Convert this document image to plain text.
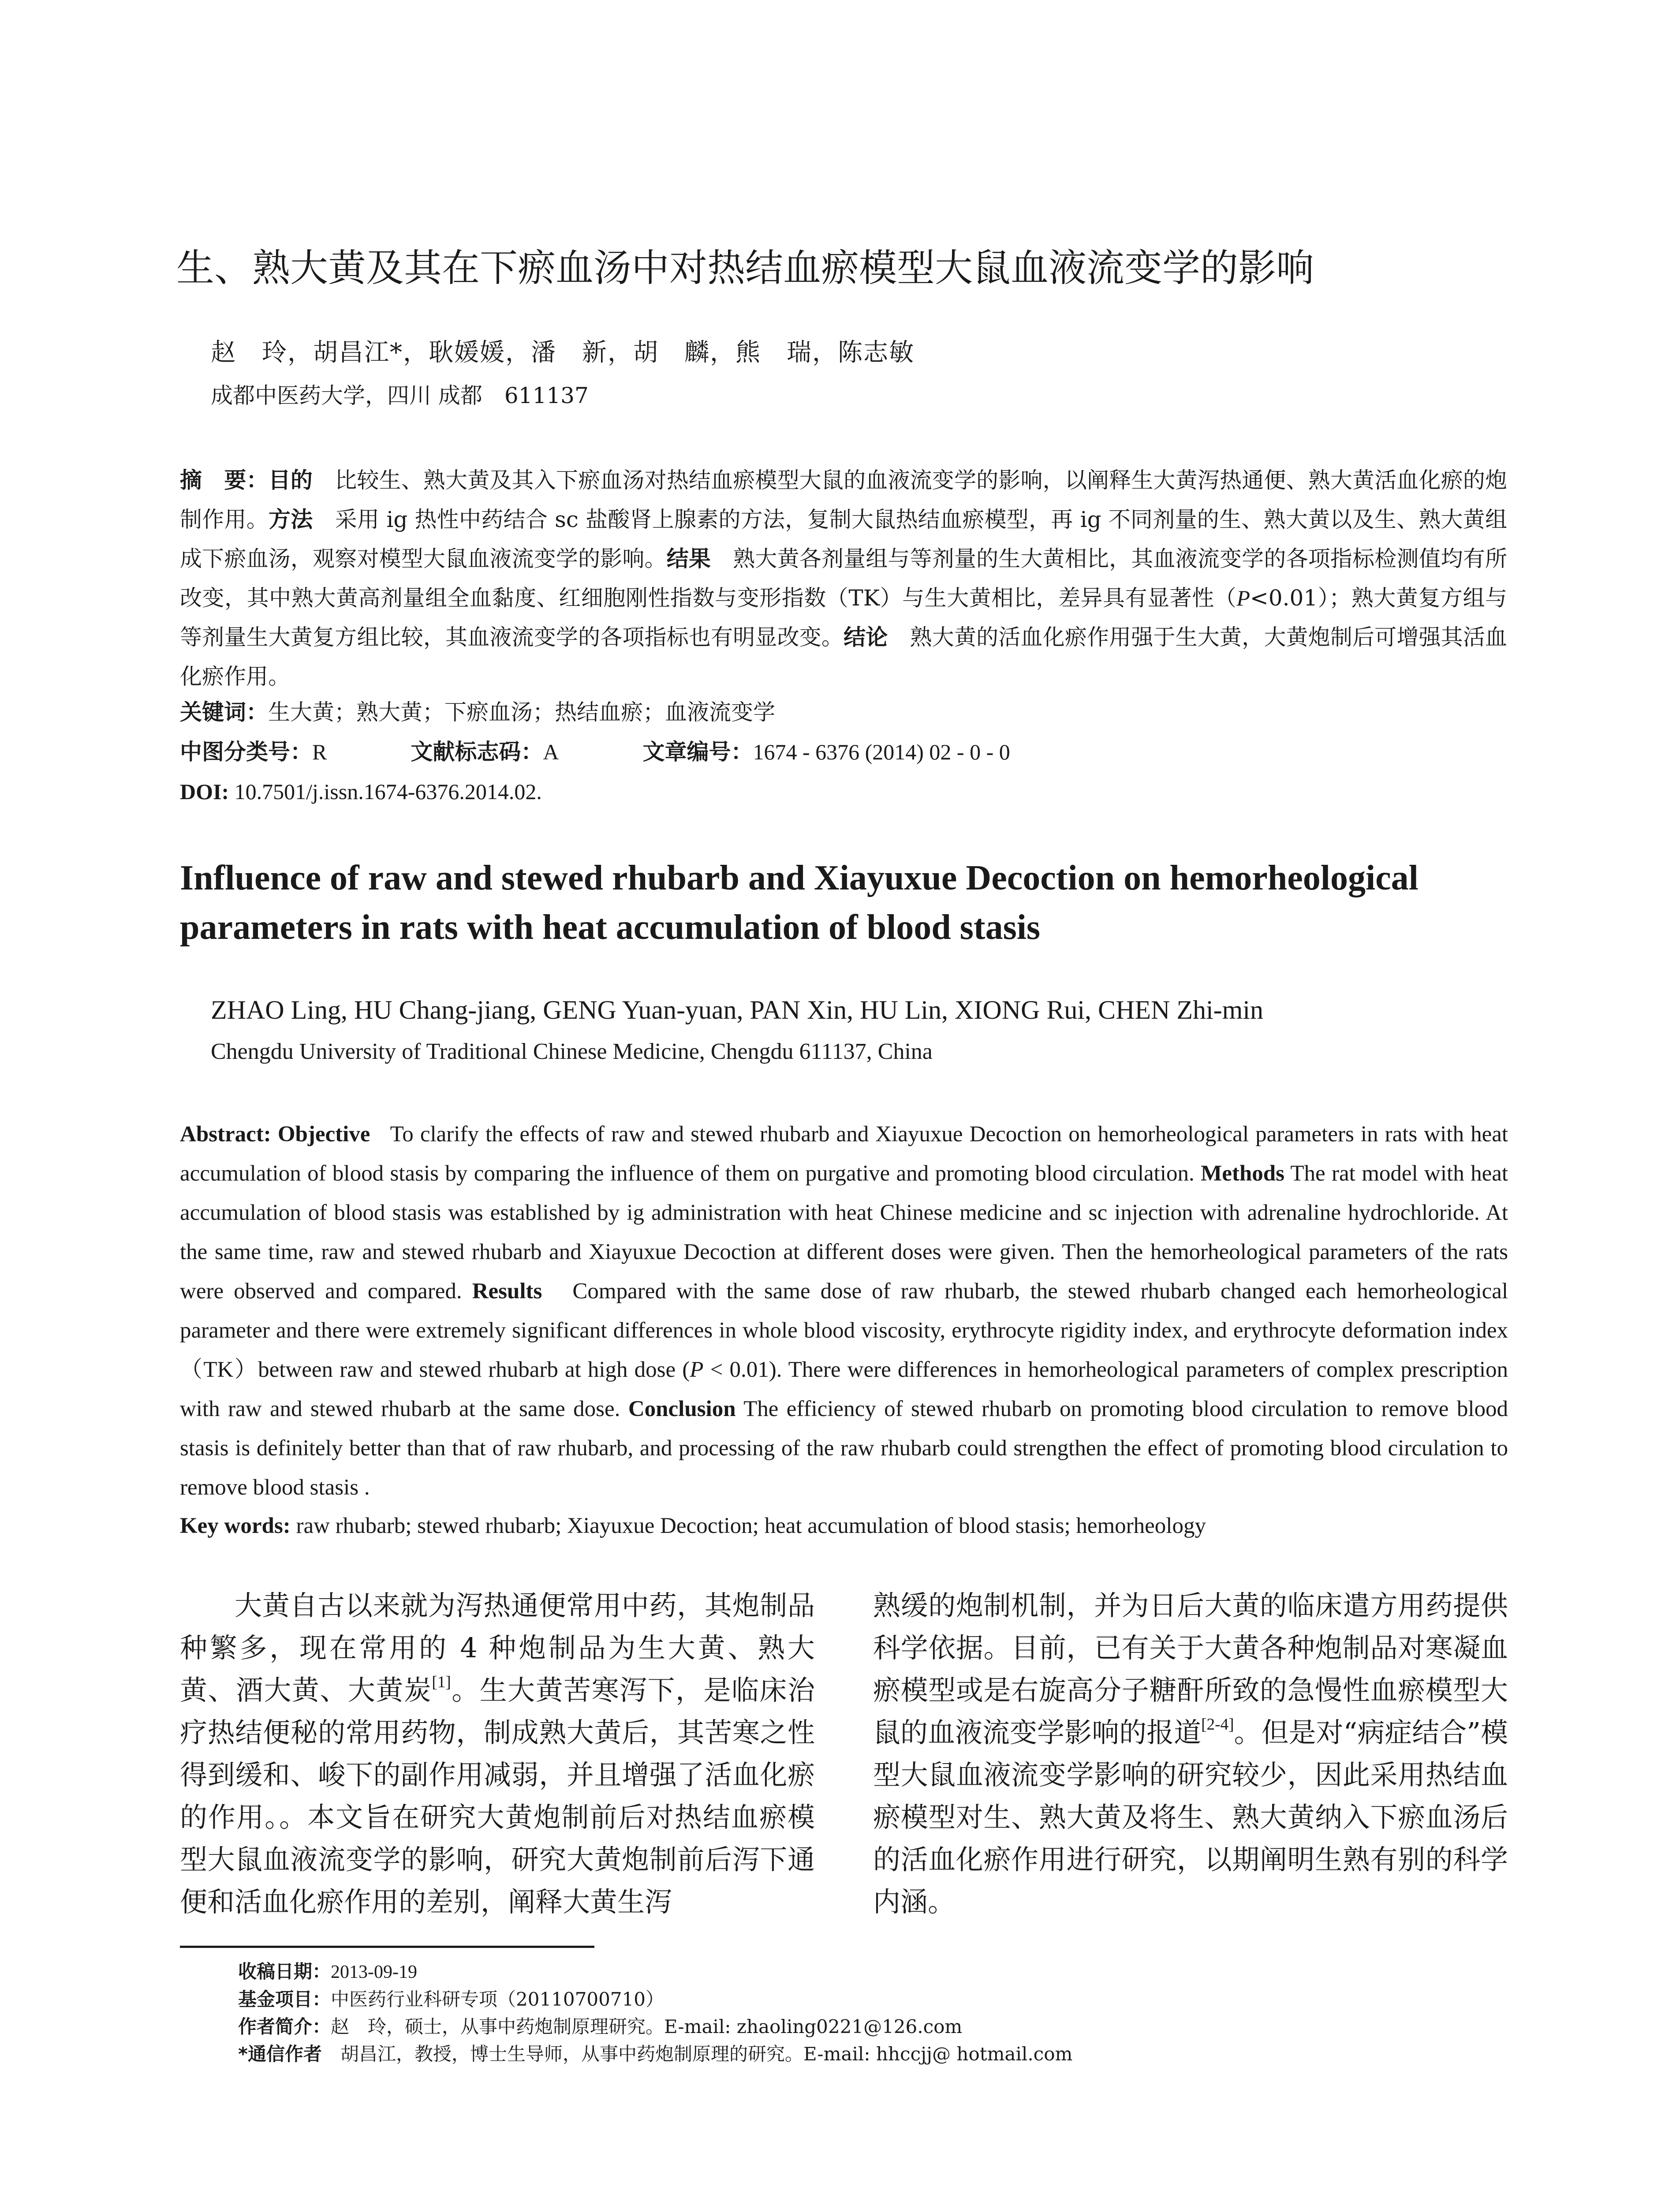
生、熟大黄及其在下瘀血汤中对热结血瘀模型大鼠血液流变学的影响
赵　玲，胡昌江*，耿媛媛，潘　新，胡　麟，熊　瑞，陈志敏
成都中医药大学，四川 成都　611137
摘　要：目的　 比较生、熟大黄及其入下瘀血汤对热结血瘀模型大鼠的血液流变学的影响，以阐释生大黄泻热通便、熟大黄活血化瘀的炮制作用。方法　 采用 ig 热性中药结合 sc 盐酸肾上腺素的方法，复制大鼠热结血瘀模型，再 ig 不同剂量的生、熟大黄以及生、熟大黄组成下瘀血汤，观察对模型大鼠血液流变学的影响。结果　 熟大黄各剂量组与等剂量的生大黄相比，其血液流变学的各项指标检测值均有所改变，其中熟大黄高剂量组全血黏度、红细胞刚性指数与变形指数（TK）与生大黄相比，差异具有显著性（P<0.01）；熟大黄复方组与等剂量生大黄复方组比较，其血液流变学的各项指标也有明显改变。结论　 熟大黄的活血化瘀作用强于生大黄，大黄炮制后可增强其活血化瘀作用。
关键词：生大黄；熟大黄；下瘀血汤；热结血瘀；血液流变学
中图分类号：R	文献标志码：A	文章编号：1674 - 6376 (2014) 02 - 0 - 0
DOI: 10.7501/j.issn.1674-6376.2014.02.
Influence of raw and stewed rhubarb and Xiayuxue Decoction on hemorheological parameters in rats with heat accumulation of blood stasis
ZHAO Ling, HU Chang-jiang, GENG Yuan-yuan, PAN Xin, HU Lin, XIONG Rui, CHEN Zhi-min
Chengdu University of Traditional Chinese Medicine, Chengdu 611137, China
Abstract: Objective To clarify the effects of raw and stewed rhubarb and Xiayuxue Decoction on hemorheological parameters in rats with heat accumulation of blood stasis by comparing the influence of them on purgative and promoting blood circulation. Methods The rat model with heat accumulation of blood stasis was established by ig administration with heat Chinese medicine and sc injection with adrenaline hydrochloride. At the same time, raw and stewed rhubarb and Xiayuxue Decoction at different doses were given. Then the hemorheological parameters of the rats were observed and compared. Results Compared with the same dose of raw rhubarb, the stewed rhubarb changed each hemorheological parameter and there were extremely significant differences in whole blood viscosity, erythrocyte rigidity index, and erythrocyte deformation index （TK）between raw and stewed rhubarb at high dose (P < 0.01). There were differences in hemorheological parameters of complex prescription with raw and stewed rhubarb at the same dose. Conclusion The efficiency of stewed rhubarb on promoting blood circulation to remove blood stasis is definitely better than that of raw rhubarb, and processing of the raw rhubarb could strengthen the effect of promoting blood circulation to remove blood stasis .
Key words: raw rhubarb; stewed rhubarb; Xiayuxue Decoction; heat accumulation of blood stasis; hemorheology
大黄自古以来就为泻热通便常用中药，其炮制品种繁多，现在常用的 4 种炮制品为生大黄、熟大黄、酒大黄、大黄炭[1]。生大黄苦寒泻下，是临床治疗热结便秘的常用药物，制成熟大黄后，其苦寒之性得到缓和、峻下的副作用减弱，并且增强了活血化瘀的作用。。本文旨在研究大黄炮制前后对热结血瘀模型大鼠血液流变学的影响，研究大黄炮制前后泻下通便和活血化瘀作用的差别，阐释大黄生泻
熟缓的炮制机制，并为日后大黄的临床遣方用药提供科学依据。目前，已有关于大黄各种炮制品对寒凝血瘀模型或是右旋高分子糖酐所致的急慢性血瘀模型大鼠的血液流变学影响的报道[2-4]。但是对“病症结合”模型大鼠血液流变学影响的研究较少，因此采用热结血瘀模型对生、熟大黄及将生、熟大黄纳入下瘀血汤后的活血化瘀作用进行研究，以期阐明生熟有别的科学内涵。
收稿日期：2013-09-19
基金项目：中医药行业科研专项（20110700710）
作者简介：赵　玲，硕士，从事中药炮制原理研究。E-mail: zhaoling0221@126.com
*通信作者　 胡昌江，教授，博士生导师，从事中药炮制原理的研究。E-mail: hhccjj@ hotmail.com
